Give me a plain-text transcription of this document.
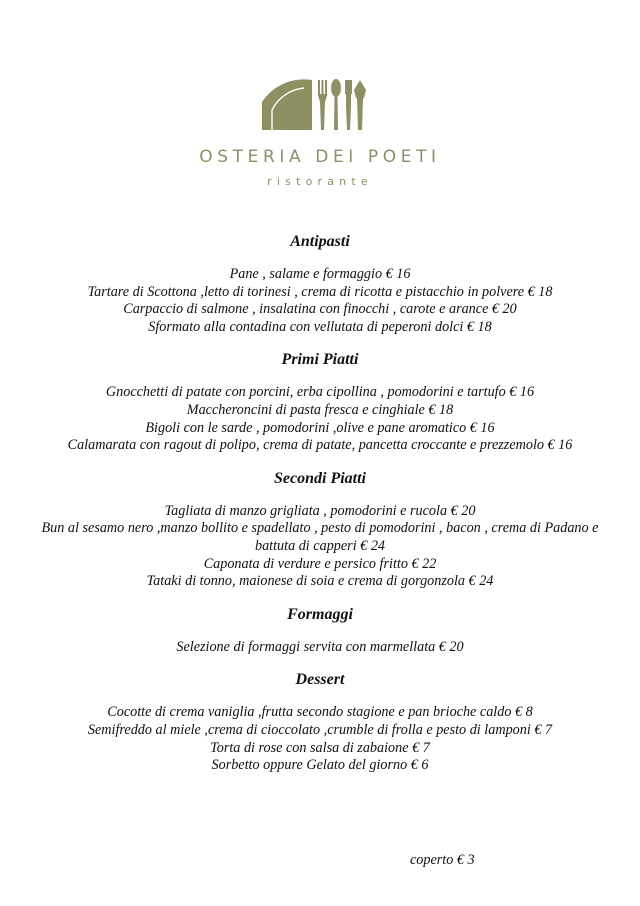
OSTERIA DEI POETI
ristorante
Antipasti
Pane , salame e formaggio € 16
Tartare di Scottona ,letto di torinesi , crema di ricotta e pistacchio in polvere € 18
Carpaccio di salmone , insalatina con finocchi , carote e arance € 20
Sformato alla contadina con vellutata di peperoni dolci € 18
Primi Piatti
Gnocchetti di patate con porcini, erba cipollina , pomodorini e tartufo € 16
Maccheroncini di pasta fresca e cinghiale € 18
Bigoli con le sarde , pomodorini ,olive e pane aromatico € 16
Calamarata con ragout di polipo, crema di patate, pancetta croccante e prezzemolo € 16
Secondi Piatti
Tagliata di manzo grigliata , pomodorini e rucola € 20
Bun al sesamo nero ,manzo bollito e spadellato , pesto di pomodorini , bacon , crema di Padano e battuta di capperi € 24
Caponata di verdure e persico fritto € 22
Tataki di tonno, maionese di soia e crema di gorgonzola € 24
Formaggi
Selezione di formaggi servita con marmellata € 20
Dessert
Cocotte di crema vaniglia ,frutta secondo stagione e pan brioche caldo € 8
Semifreddo al miele ,crema di cioccolato ,crumble di frolla e pesto di lamponi € 7
Torta di rose con salsa di zabaione € 7
Sorbetto oppure Gelato del giorno € 6
coperto € 3
